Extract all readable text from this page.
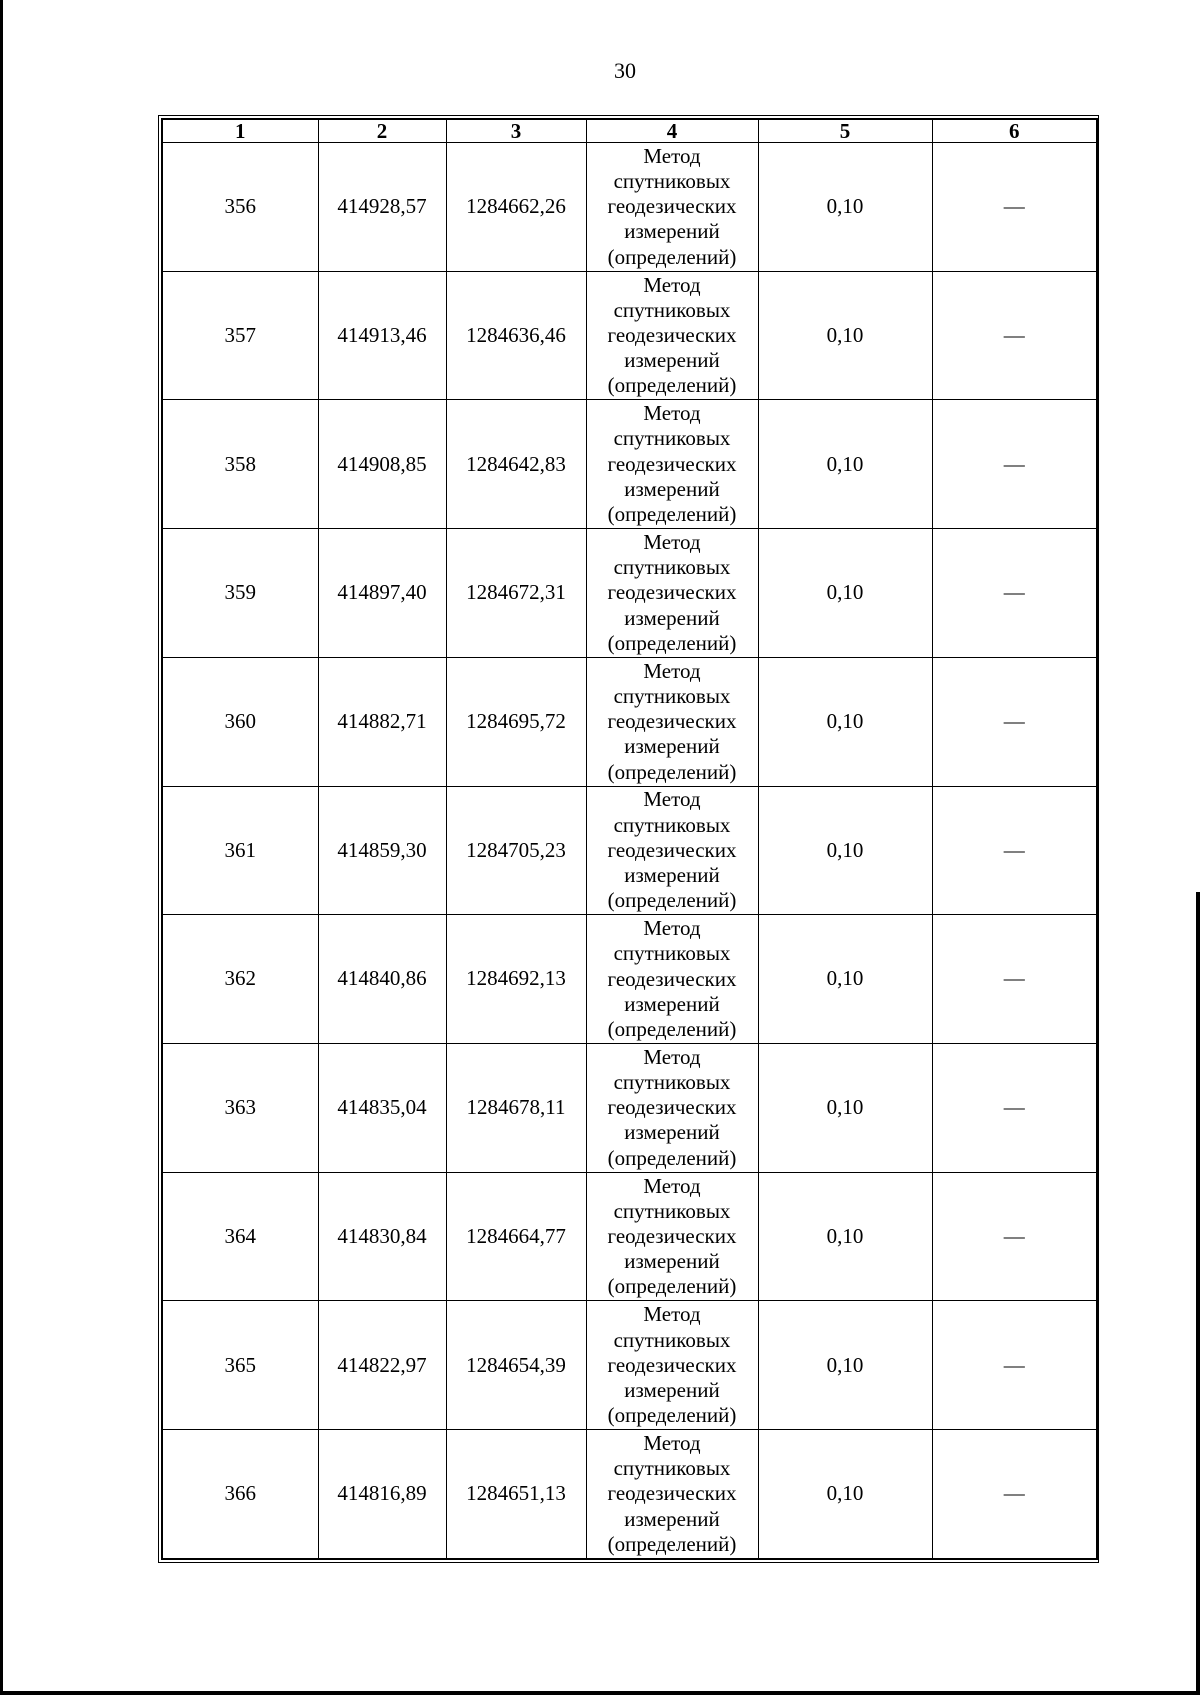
30
1	2	3	4	5	6
356	414928,57	1284662,26	Метод
спутниковых
геодезических
измерений
(определений)	0,10	—
357	414913,46	1284636,46	Метод
спутниковых
геодезических
измерений
(определений)	0,10	—
358	414908,85	1284642,83	Метод
спутниковых
геодезических
измерений
(определений)	0,10	—
359	414897,40	1284672,31	Метод
спутниковых
геодезических
измерений
(определений)	0,10	—
360	414882,71	1284695,72	Метод
спутниковых
геодезических
измерений
(определений)	0,10	—
361	414859,30	1284705,23	Метод
спутниковых
геодезических
измерений
(определений)	0,10	—
362	414840,86	1284692,13	Метод
спутниковых
геодезических
измерений
(определений)	0,10	—
363	414835,04	1284678,11	Метод
спутниковых
геодезических
измерений
(определений)	0,10	—
364	414830,84	1284664,77	Метод
спутниковых
геодезических
измерений
(определений)	0,10	—
365	414822,97	1284654,39	Метод
спутниковых
геодезических
измерений
(определений)	0,10	—
366	414816,89	1284651,13	Метод
спутниковых
геодезических
измерений
(определений)	0,10	—
